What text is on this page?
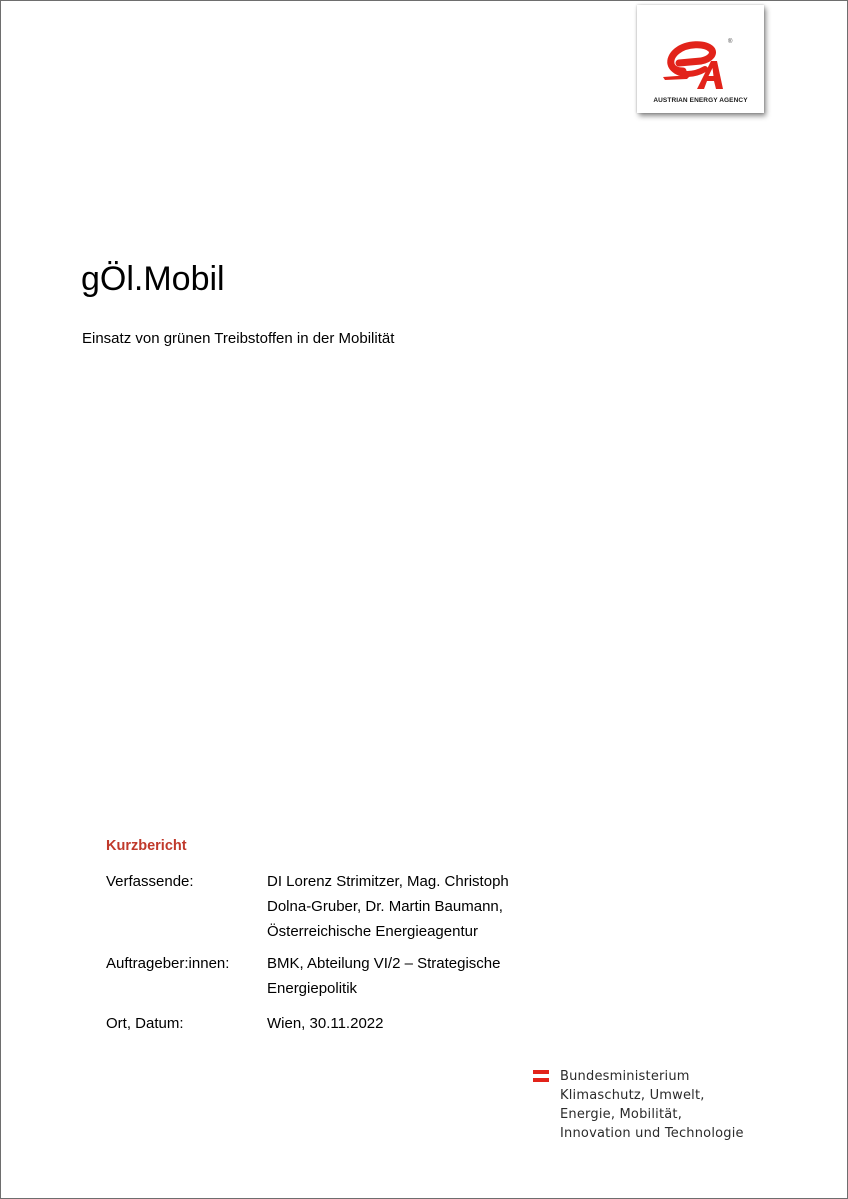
®
AUSTRIAN ENERGY AGENCY
gÖl.Mobil

Einsatz von grünen Treibstoffen in der Mobilität

Kurzbericht
Verfassende:	DI Lorenz Strimitzer, Mag. Christoph
Dolna-Gruber, Dr. Martin Baumann,
Österreichische Energieagentur
Auftrageber:innen:	BMK, Abteilung VI/2 – Strategische
Energiepolitik
Ort, Datum:	Wien, 30.11.2022
Bundesministerium
Klimaschutz, Umwelt,
Energie, Mobilität,
Innovation und Technologie
